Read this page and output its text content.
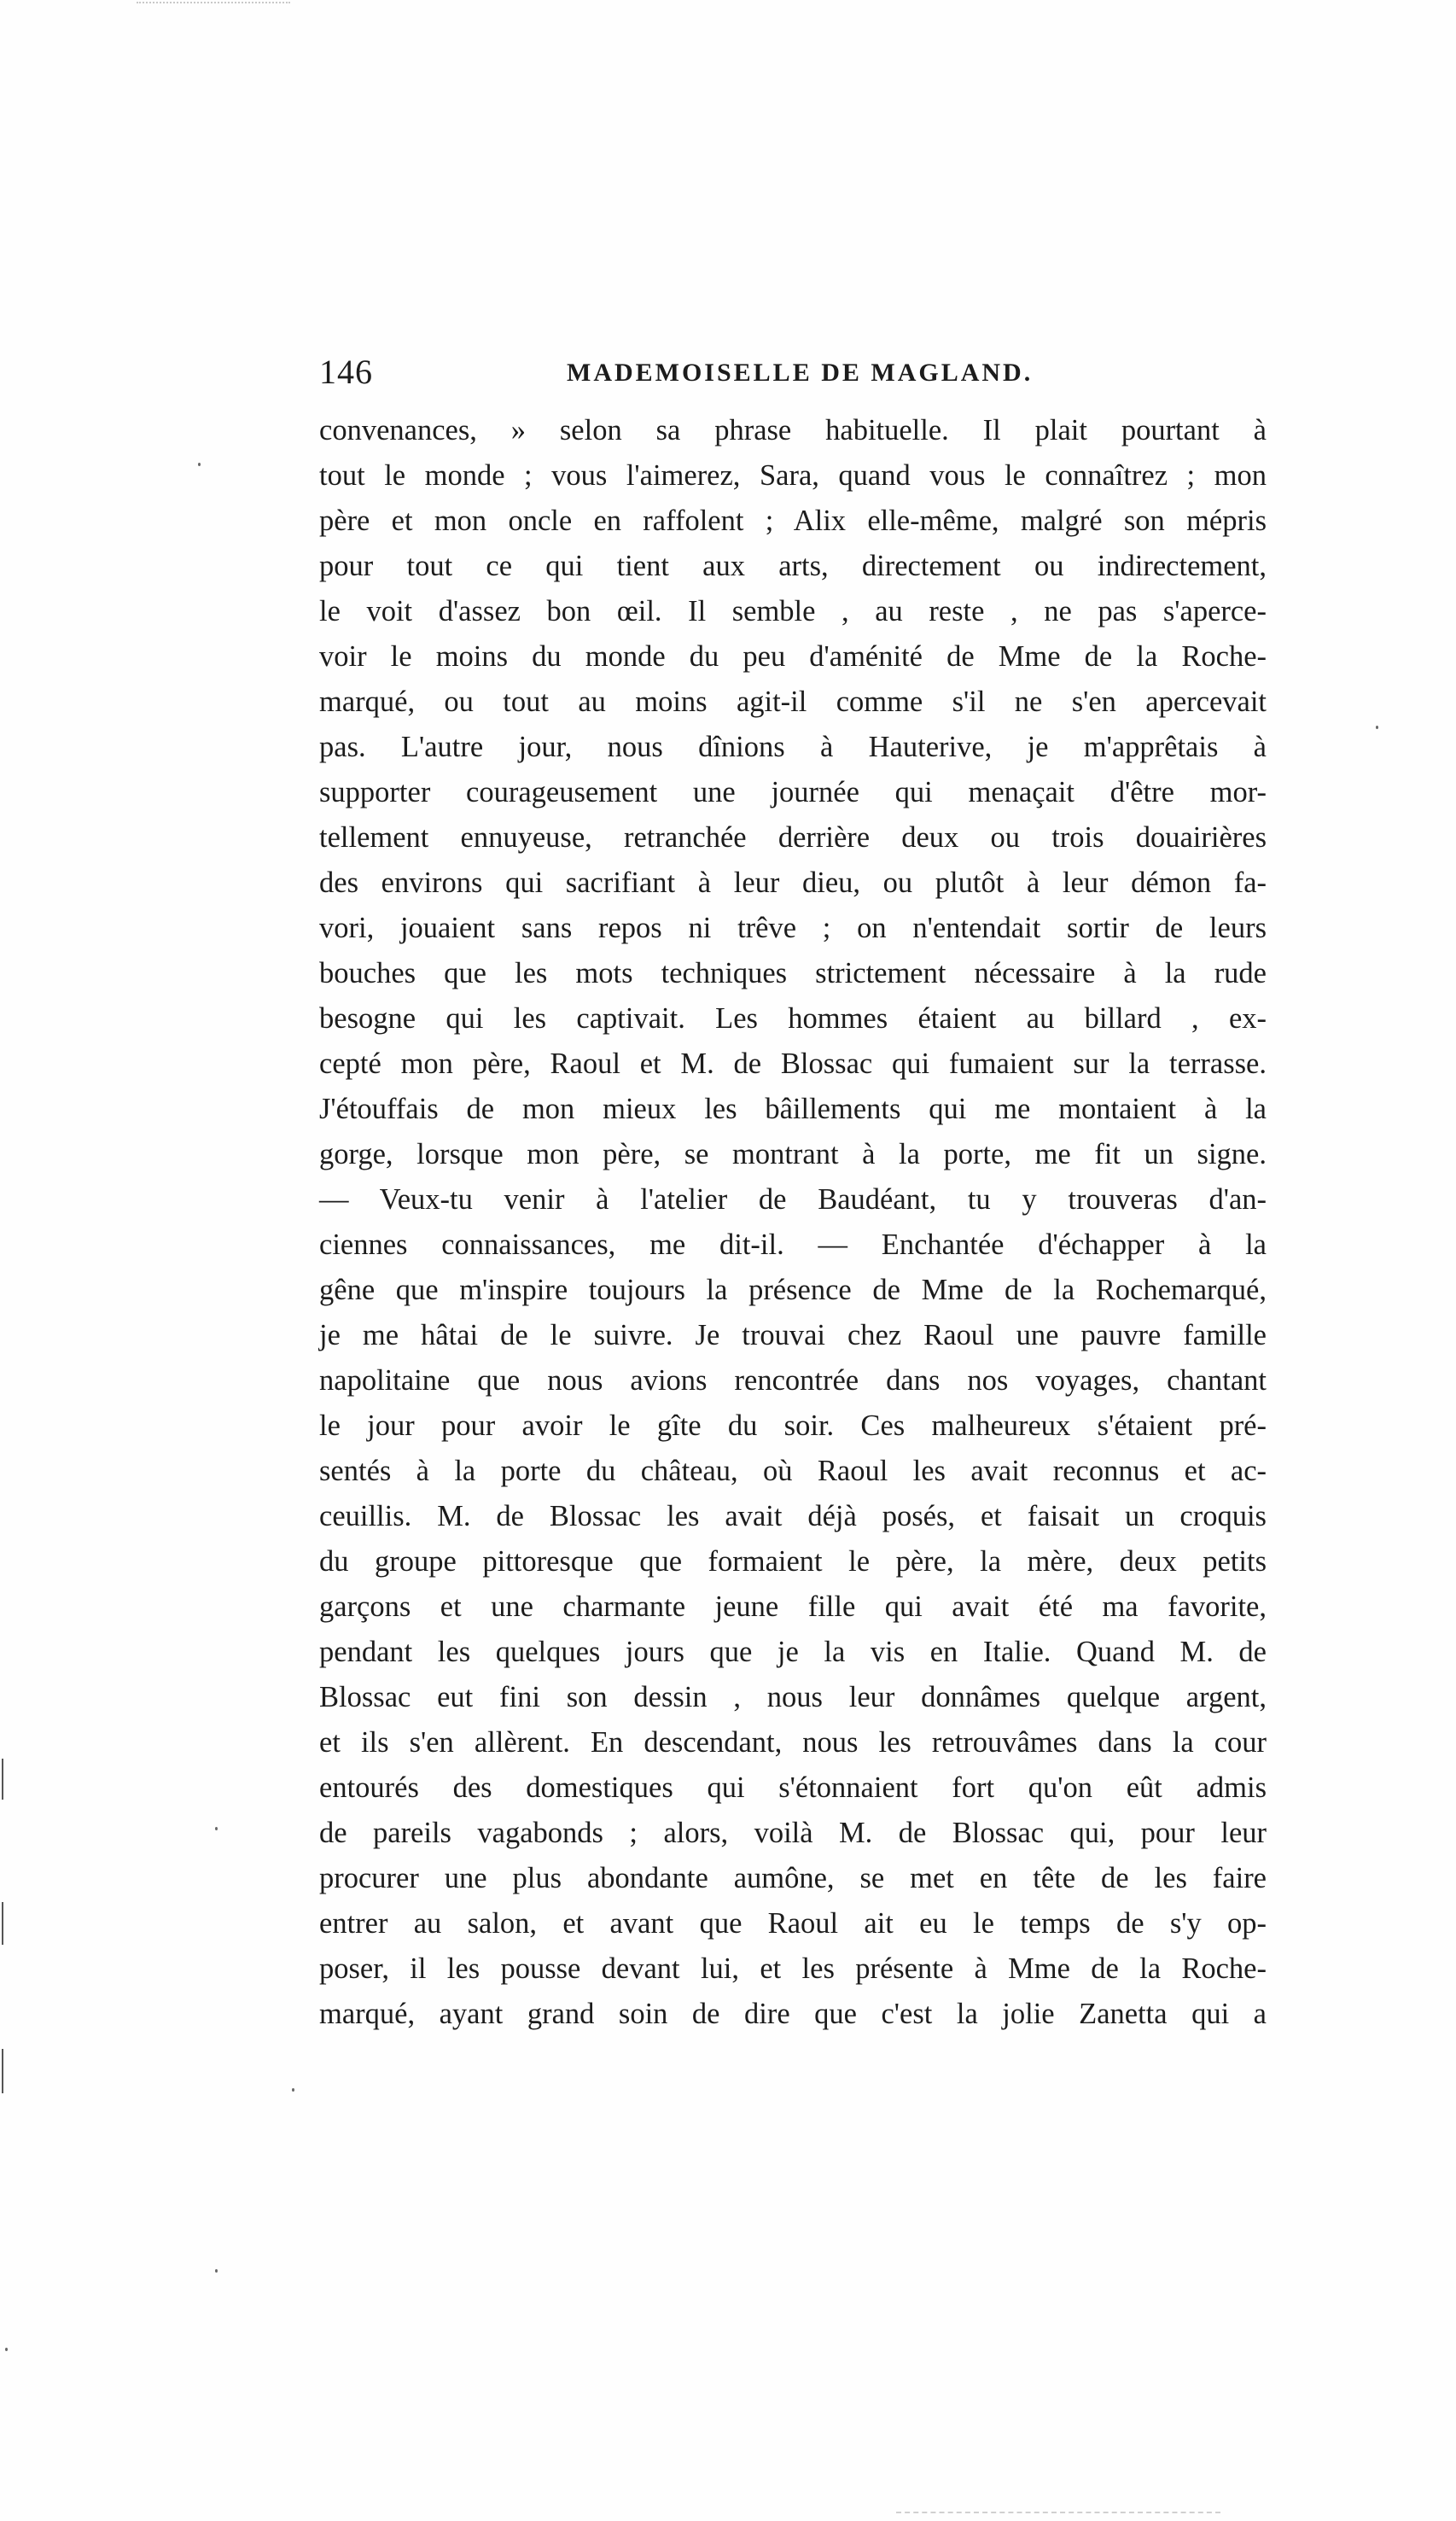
146	MADEMOISELLE DE MAGLAND.
convenances, » selon sa phrase habituelle. Il plait pourtant à
tout le monde ; vous l'aimerez, Sara, quand vous le connaîtrez ; mon
père et mon oncle en raffolent ; Alix elle-même, malgré son mépris
pour tout ce qui tient aux arts, directement ou indirectement,
le voit d'assez bon œil. Il semble , au reste , ne pas s'aperce-
voir le moins du monde du peu d'aménité de Mme de la Roche-
marqué, ou tout au moins agit-il comme s'il ne s'en apercevait
pas. L'autre jour, nous dînions à Hauterive, je m'apprêtais à
supporter courageusement une journée qui menaçait d'être mor-
tellement ennuyeuse, retranchée derrière deux ou trois douairières
des environs qui sacrifiant à leur dieu, ou plutôt à leur démon fa-
vori, jouaient sans repos ni trêve ; on n'entendait sortir de leurs
bouches que les mots techniques strictement nécessaire à la rude
besogne qui les captivait. Les hommes étaient au billard , ex-
cepté mon père, Raoul et M. de Blossac qui fumaient sur la terrasse.
J'étouffais de mon mieux les bâillements qui me montaient à la
gorge, lorsque mon père, se montrant à la porte, me fit un signe.
— Veux-tu venir à l'atelier de Baudéant, tu y trouveras d'an-
ciennes connaissances, me dit-il. — Enchantée d'échapper à la
gêne que m'inspire toujours la présence de Mme de la Rochemarqué,
je me hâtai de le suivre. Je trouvai chez Raoul une pauvre famille
napolitaine que nous avions rencontrée dans nos voyages, chantant
le jour pour avoir le gîte du soir. Ces malheureux s'étaient pré-
sentés à la porte du château, où Raoul les avait reconnus et ac-
ceuillis. M. de Blossac les avait déjà posés, et faisait un croquis
du groupe pittoresque que formaient le père, la mère, deux petits
garçons et une charmante jeune fille qui avait été ma favorite,
pendant les quelques jours que je la vis en Italie. Quand M. de
Blossac eut fini son dessin , nous leur donnâmes quelque argent,
et ils s'en allèrent. En descendant, nous les retrouvâmes dans la cour
entourés des domestiques qui s'étonnaient fort qu'on eût admis
de pareils vagabonds ; alors, voilà M. de Blossac qui, pour leur
procurer une plus abondante aumône, se met en tête de les faire
entrer au salon, et avant que Raoul ait eu le temps de s'y op-
poser, il les pousse devant lui, et les présente à Mme de la Roche-
marqué, ayant grand soin de dire que c'est la jolie Zanetta qui a
